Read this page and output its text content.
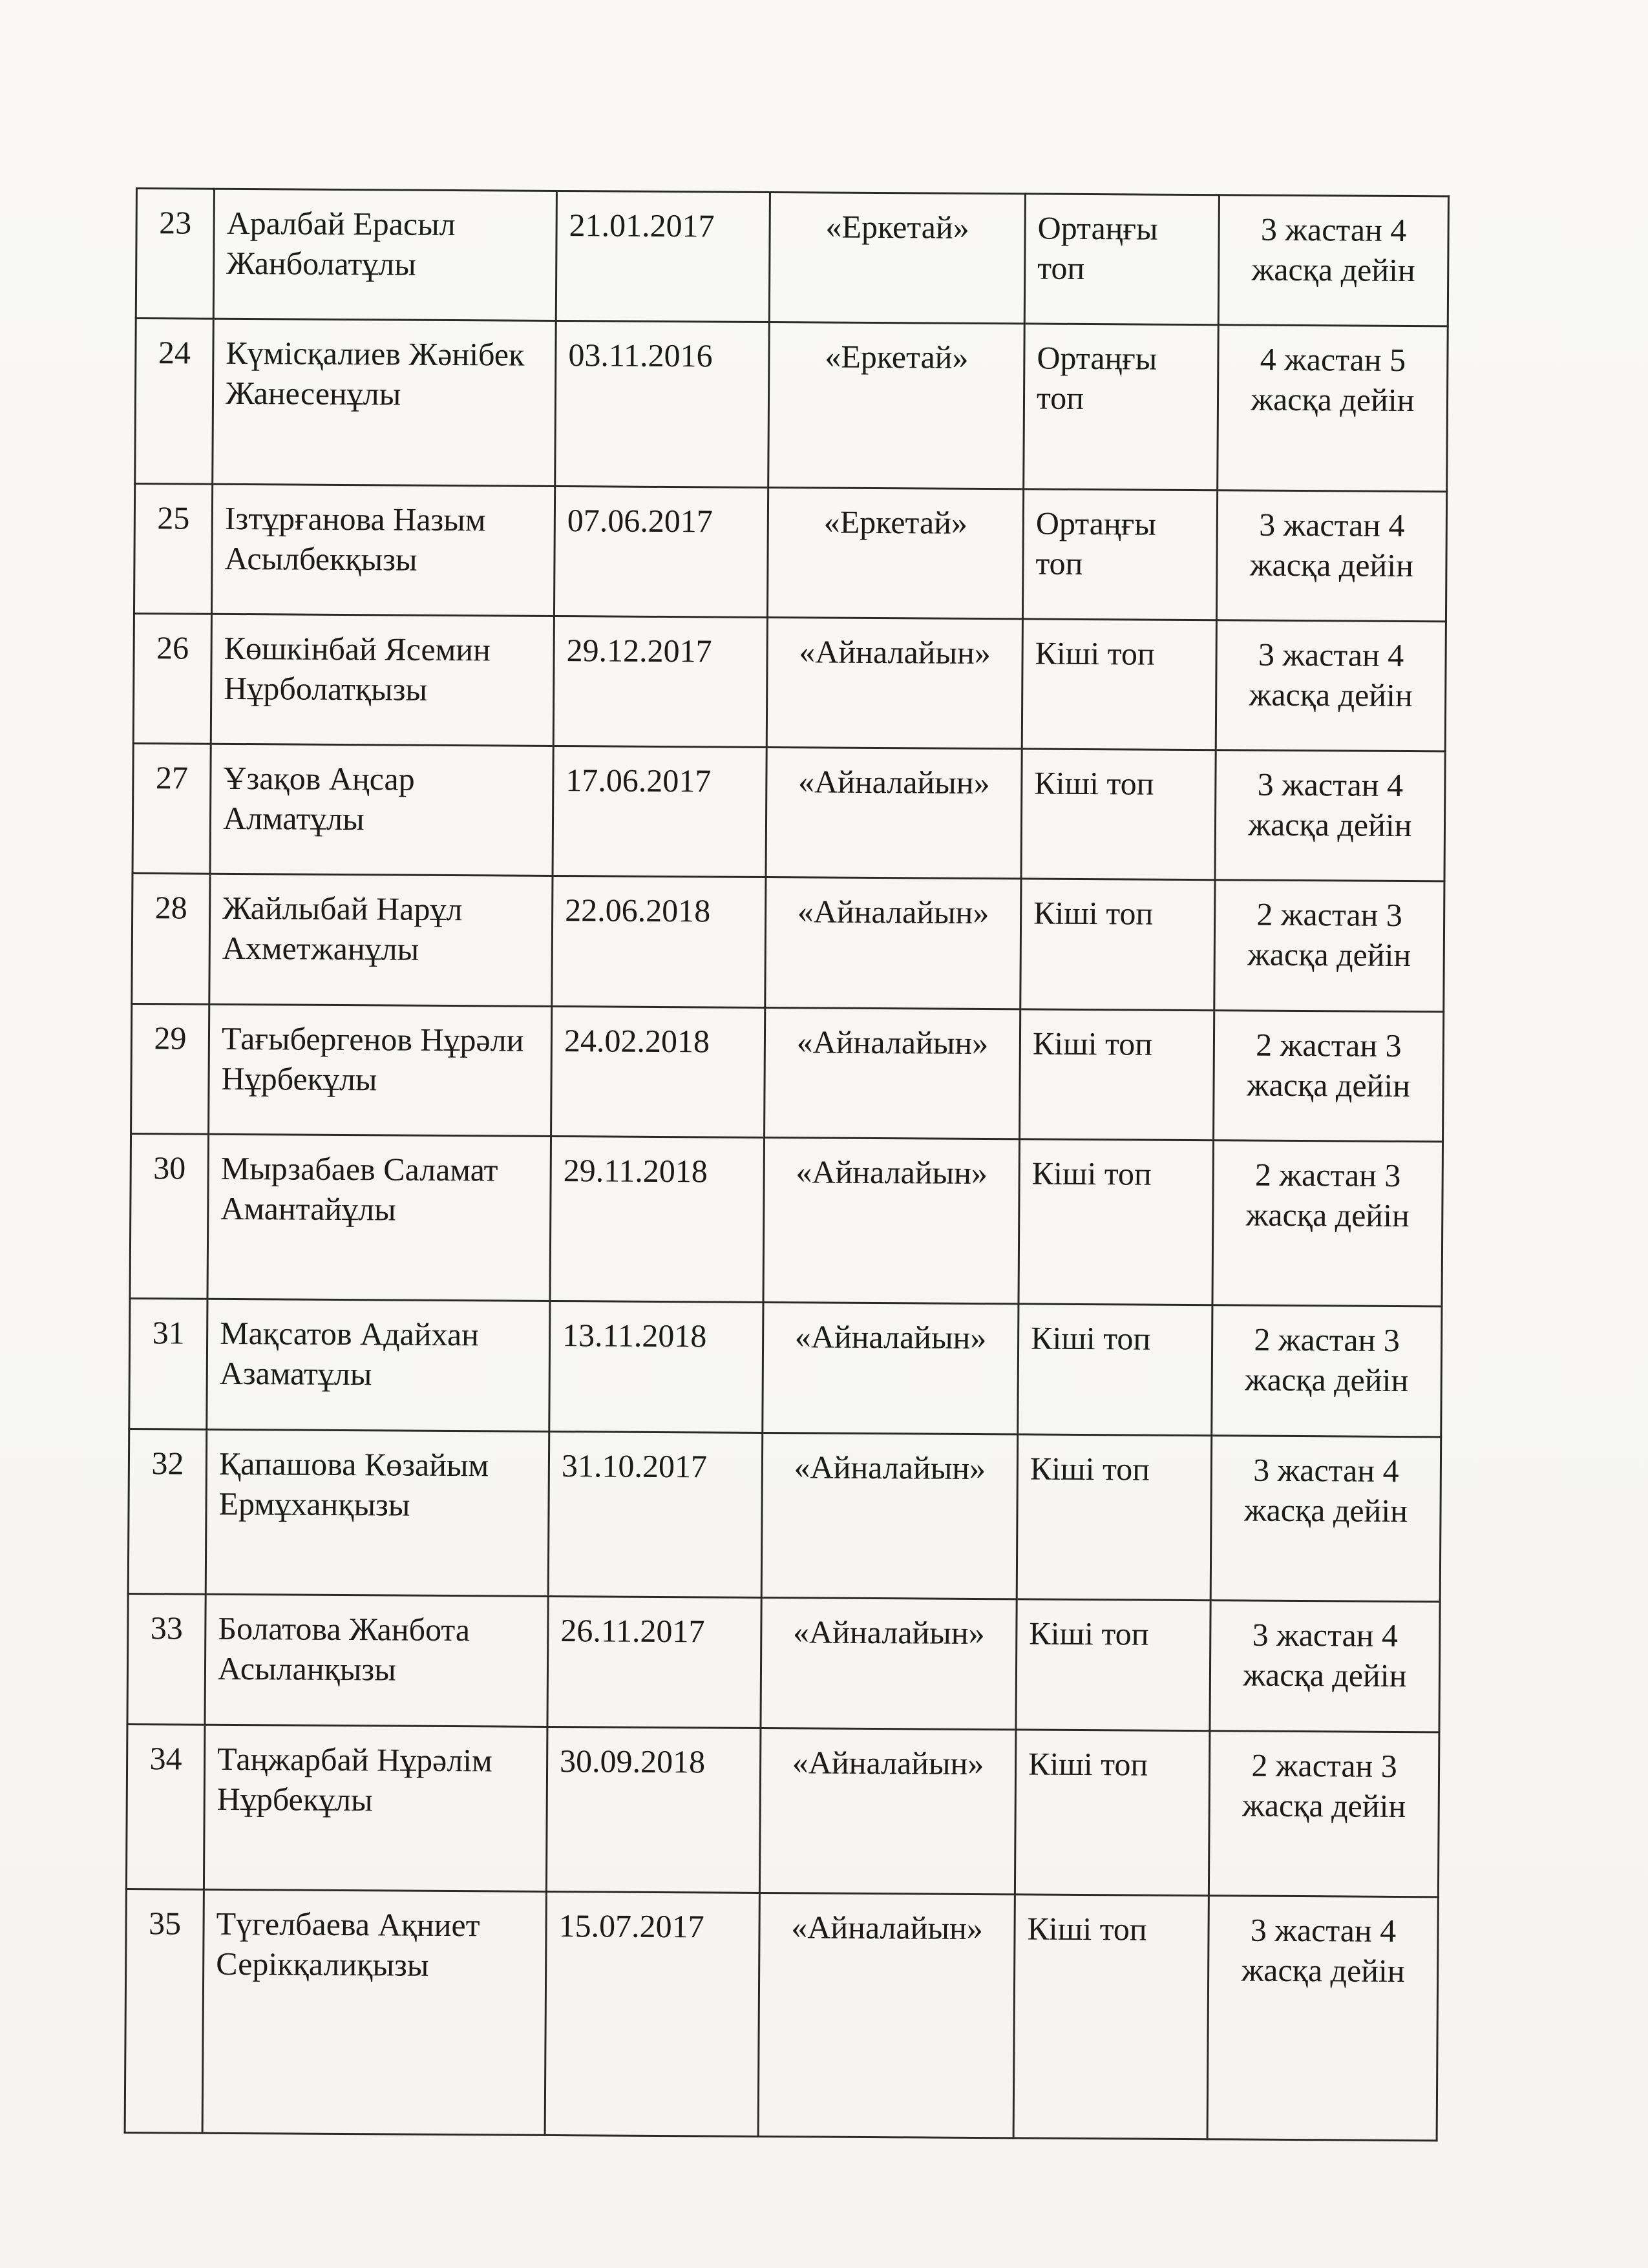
23	Аралбай Ерасыл Жанболатұлы	21.01.2017	«Еркетай»	Ортаңғы топ	3 жастан 4 жасқа дейін
24	Күмісқалиев Жәнібек Жанесенұлы	03.11.2016	«Еркетай»	Ортаңғы топ	4 жастан 5 жасқа дейін
25	Ізтұрғанова Назым Асылбекқызы	07.06.2017	«Еркетай»	Ортаңғы топ	3 жастан 4 жасқа дейін
26	Көшкінбай Ясемин Нұрболатқызы	29.12.2017	«Айналайын»	Кіші топ	3 жастан 4 жасқа дейін
27	Ұзақов Аңсар Алматұлы	17.06.2017	«Айналайын»	Кіші топ	3 жастан 4 жасқа дейін
28	Жайлыбай Нарұл Ахметжанұлы	22.06.2018	«Айналайын»	Кіші топ	2 жастан 3 жасқа дейін
29	Тағыбергенов Нұрәли Нұрбекұлы	24.02.2018	«Айналайын»	Кіші топ	2 жастан 3 жасқа дейін
30	Мырзабаев Саламат Амантайұлы	29.11.2018	«Айналайын»	Кіші топ	2 жастан 3 жасқа дейін
31	Мақсатов Адайхан Азаматұлы	13.11.2018	«Айналайын»	Кіші топ	2 жастан 3 жасқа дейін
32	Қапашова Көзайым Ермұханқызы	31.10.2017	«Айналайын»	Кіші топ	3 жастан 4 жасқа дейін
33	Болатова Жанбота Асыланқызы	26.11.2017	«Айналайын»	Кіші топ	3 жастан 4 жасқа дейін
34	Таңжарбай Нұрәлім Нұрбекұлы	30.09.2018	«Айналайын»	Кіші топ	2 жастан 3 жасқа дейін
35	Түгелбаева Ақниет Серікқалиқызы	15.07.2017	«Айналайын»	Кіші топ	3 жастан 4 жасқа дейін
